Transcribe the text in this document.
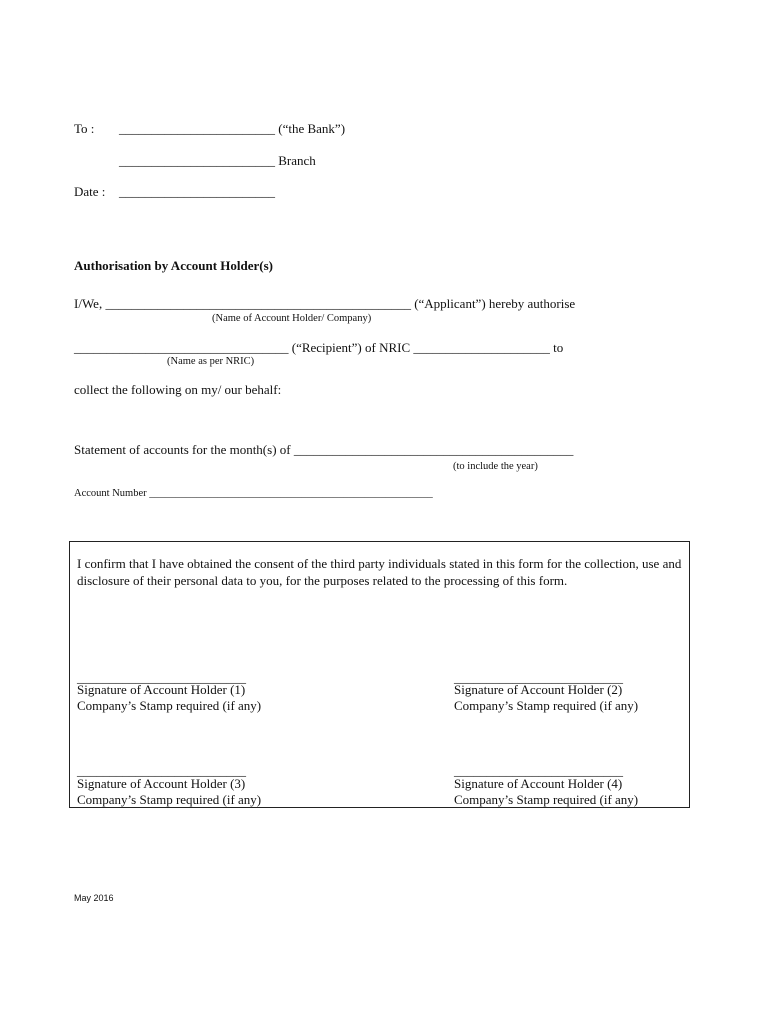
To : ________________________ (“the Bank”)
________________________ Branch
Date : ________________________
Authorisation by Account Holder(s)
I/We, _______________________________________________ (“Applicant”) hereby authorise
(Name of Account Holder/ Company)
_________________________________ (“Recipient”) of NRIC _____________________ to
(Name as per NRIC)
collect the following on my/ our behalf:
Statement of accounts for the month(s) of ___________________________________________
(to include the year)
Account Number ______________________________________________________
I confirm that I have obtained the consent of the third party individuals stated in this form for the collection, use and disclosure of their personal data to you, for the purposes related to the processing of this form.
__________________________
Signature of Account Holder (1)
Company’s Stamp required (if any)
__________________________
Signature of Account Holder (2)
Company’s Stamp required (if any)
__________________________
Signature of Account Holder (3)
Company’s Stamp required (if any)
__________________________
Signature of Account Holder (4)
Company’s Stamp required (if any)
May 2016
